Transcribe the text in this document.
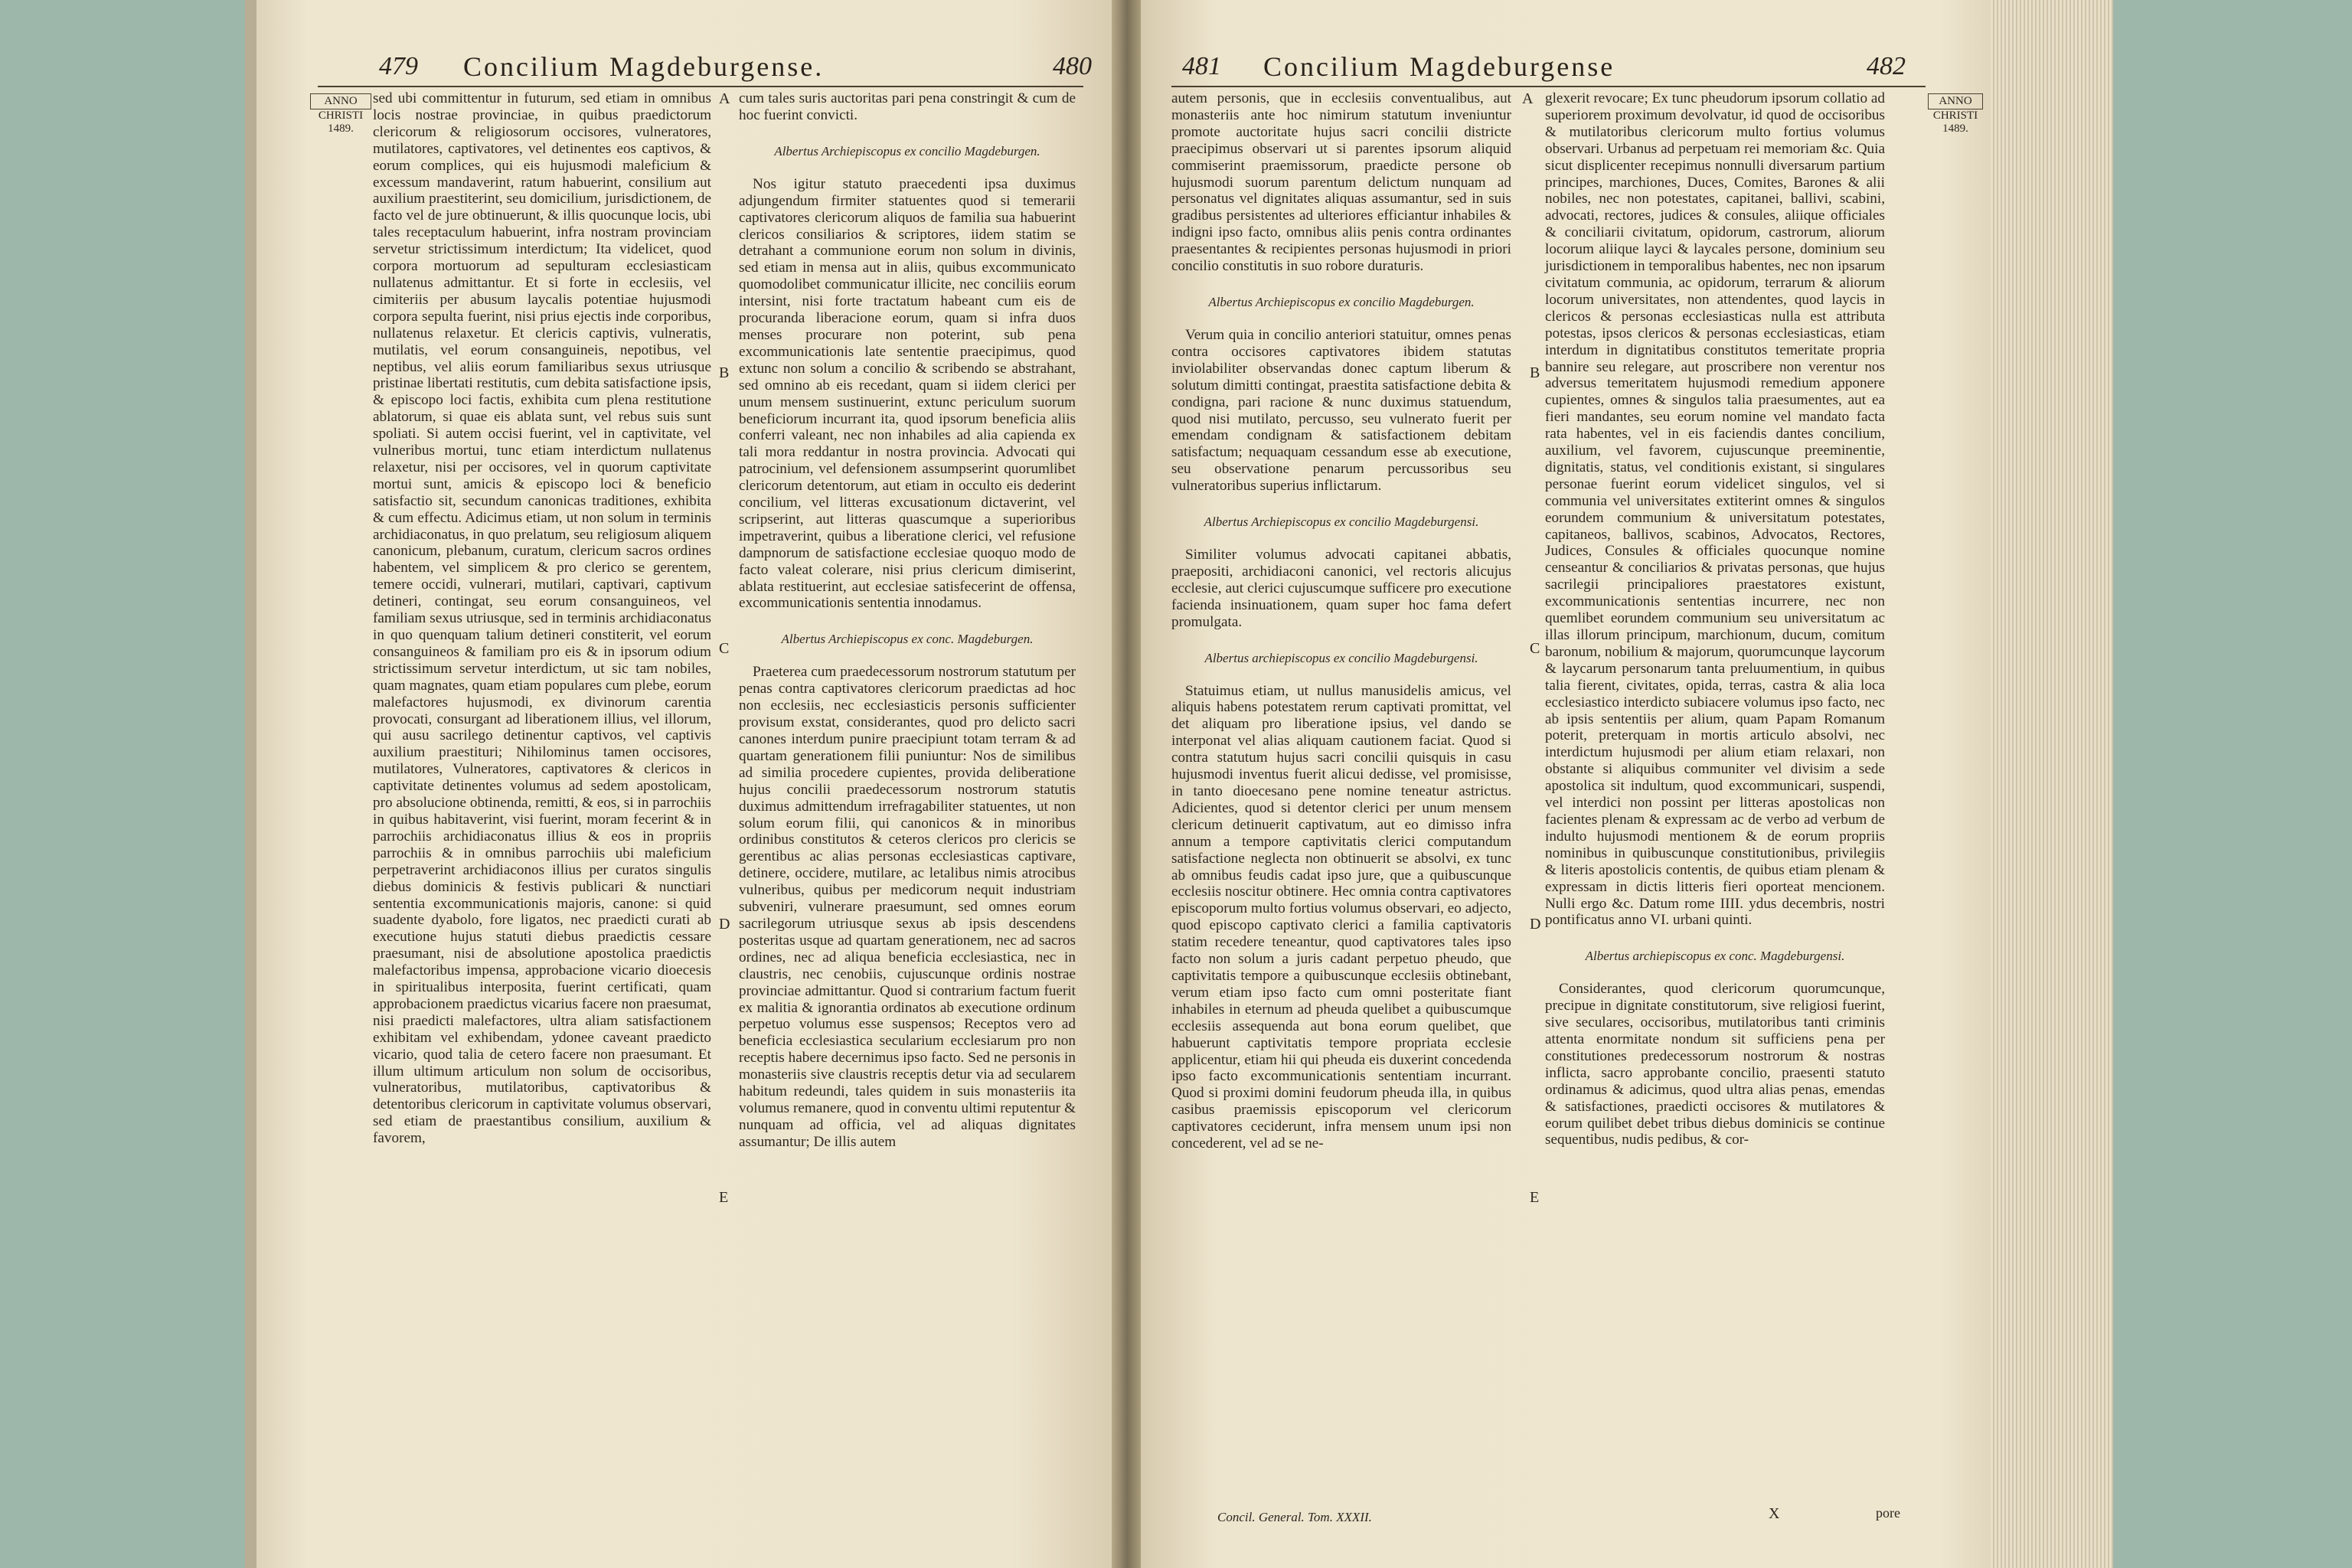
479 Concilium Magdeburgense.	480
ANNO
CHRISTI
1489.

sed ubi committentur in futurum, sed etiam in omnibus locis nostrae provinciae, in quibus praedictorum clericorum & religiosorum occisores, vulneratores, mutilatores, captivatores, vel detinentes eos captivos, & eorum complices, qui eis hujusmodi maleficium & excessum mandaverint, ratum habuerint, consilium aut auxilium praestiterint, seu domicilium, jurisdictionem, de facto vel de jure obtinuerunt, & illis quocunque locis, ubi tales receptaculum habuerint, infra nostram provinciam servetur strictissimum interdictum; Ita videlicet, quod corpora mortuorum ad sepulturam ecclesiasticam nullatenus admittantur. Et si forte in ecclesiis, vel cimiteriis per abusum laycalis potentiae hujusmodi corpora sepulta fuerint, nisi prius ejectis inde corporibus, nullatenus relaxetur. Et clericis captivis, vulneratis, mutilatis, vel eorum consanguineis, nepotibus, vel neptibus, vel aliis eorum familiaribus sexus utriusque pristinae libertati restitutis, cum debita satisfactione ipsis, & episcopo loci factis, exhibita cum plena restitutione ablatorum, si quae eis ablata sunt, vel rebus suis sunt spoliati. Si autem occisi fuerint, vel in captivitate, vel vulneribus mortui, tunc etiam interdictum nullatenus relaxetur, nisi per occisores, vel in quorum captivitate mortui sunt, amicis & episcopo loci & beneficio satisfactio sit, secundum canonicas traditiones, exhibita & cum effectu. Adicimus etiam, ut non solum in terminis archidiaconatus, in quo prelatum, seu religiosum aliquem canonicum, plebanum, curatum, clericum sacros ordines habentem, vel simplicem & pro clerico se gerentem, temere occidi, vulnerari, mutilari, captivari, captivum detineri, contingat, seu eorum consanguineos, vel familiam sexus utriusque, sed in terminis archidiaconatus in quo quenquam talium detineri constiterit, vel eorum consanguineos & familiam pro eis & in ipsorum odium strictissimum servetur interdictum, ut sic tam nobiles, quam magnates, quam etiam populares cum plebe, eorum malefactores hujusmodi, ex divinorum carentia provocati, consurgant ad liberationem illius, vel illorum, qui ausu sacrilego detinentur captivos, vel captivis auxilium praestituri; Nihilominus tamen occisores, mutilatores, Vulneratores, captivatores & clericos in captivitate detinentes volumus ad sedem apostolicam, pro absolucione obtinenda, remitti, & eos, si in parrochiis in quibus habitaverint, visi fuerint, moram fecerint & in parrochiis archidiaconatus illius & eos in propriis parrochiis & in omnibus parrochiis ubi maleficium perpetraverint archidiaconos illius per curatos singulis diebus dominicis & festivis publicari & nunctiari sententia excommunicationis majoris, canone: si quid suadente dyabolo, fore ligatos, nec praedicti curati ab executione hujus statuti diebus praedictis cessare praesumant, nisi de absolutione apostolica praedictis malefactoribus impensa, approbacione vicario dioecesis in spiritualibus interposita, fuerint certificati, quam approbacionem praedictus vicarius facere non praesumat, nisi praedicti malefactores, ultra aliam satisfactionem exhibitam vel exhibendam, ydonee caveant praedicto vicario, quod talia de cetero facere non praesumant. Et illum ultimum articulum non solum de occisoribus, vulneratoribus, mutilatoribus, captivatoribus & detentoribus clericorum in captivitate volumus observari, sed etiam de praestantibus consilium, auxilium & favorem,

A
B
C
D
E

cum tales suris auctoritas pari pena constringit & cum de hoc fuerint convicti.

Albertus Archiepiscopus ex concilio Magdeburgen.

Nos igitur statuto praecedenti ipsa duximus adjungendum firmiter statuentes quod si temerarii captivatores clericorum aliquos de familia sua habuerint clericos consiliarios & scriptores, iidem statim se detrahant a communione eorum non solum in divinis, sed etiam in mensa aut in aliis, quibus excommunicato quomodolibet communicatur illicite, nec conciliis eorum intersint, nisi forte tractatum habeant cum eis de procuranda liberacione eorum, quam si infra duos menses procurare non poterint, sub pena excommunicationis late sententie praecipimus, quod extunc non solum a concilio & scribendo se abstrahant, sed omnino ab eis recedant, quam si iidem clerici per unum mensem sustinuerint, extunc periculum suorum beneficiorum incurrant ita, quod ipsorum beneficia aliis conferri valeant, nec non inhabiles ad alia capienda ex tali mora reddantur in nostra provincia. Advocati qui patrocinium, vel defensionem assumpserint quorumlibet clericorum detentorum, aut etiam in occulto eis dederint concilium, vel litteras excusationum dictaverint, vel scripserint, aut litteras quascumque a superioribus impetraverint, quibus a liberatione clerici, vel refusione dampnorum de satisfactione ecclesiae quoquo modo de facto valeat colerare, nisi prius clericum dimiserint, ablata restituerint, aut ecclesiae satisfecerint de offensa, excommunicationis sententia innodamus.

Albertus Archiepiscopus ex conc. Magdeburgen.

Praeterea cum praedecessorum nostrorum statutum per penas contra captivatores clericorum praedictas ad hoc non ecclesiis, nec ecclesiasticis personis sufficienter provisum exstat, considerantes, quod pro delicto sacri canones interdum punire praecipiunt totam terram & ad quartam generationem filii puniuntur: Nos de similibus ad similia procedere cupientes, provida deliberatione hujus concilii praedecessorum nostrorum statutis duximus admittendum irrefragabiliter statuentes, ut non solum eorum filii, qui canonicos & in minoribus ordinibus constitutos & ceteros clericos pro clericis se gerentibus ac alias personas ecclesiasticas captivare, detinere, occidere, mutilare, ac letalibus nimis atrocibus vulneribus, quibus per medicorum nequit industriam subveniri, vulnerare praesumunt, sed omnes eorum sacrilegorum utriusque sexus ab ipsis descendens posteritas usque ad quartam generationem, nec ad sacros ordines, nec ad aliqua beneficia ecclesiastica, nec in claustris, nec cenobiis, cujuscunque ordinis nostrae provinciae admittantur. Quod si contrarium factum fuerit ex malitia & ignorantia ordinatos ab executione ordinum perpetuo volumus esse suspensos; Receptos vero ad beneficia ecclesiastica secularium ecclesiarum pro non receptis habere decernimus ipso facto. Sed ne personis in monasteriis sive claustris receptis detur via ad secularem habitum redeundi, tales quidem in suis monasteriis ita volumus remanere, quod in conventu ultimi reputentur & nunquam ad officia, vel ad aliquas dignitates assumantur; De illis autem

481 Concilium Magdeburgense	482
ANNO
CHRISTI
1489.

autem personis, que in ecclesiis conventualibus, aut monasteriis ante hoc nimirum statutum inveniuntur promote auctoritate hujus sacri concilii districte praecipimus observari ut si parentes ipsorum aliquid commiserint praemissorum, praedicte persone ob hujusmodi suorum parentum delictum nunquam ad personatus vel dignitates aliquas assumantur, sed in suis gradibus persistentes ad ulteriores efficiantur inhabiles & indigni ipso facto, omnibus aliis penis contra ordinantes praesentantes & recipientes personas hujusmodi in priori concilio constitutis in suo robore duraturis.

Albertus Archiepiscopus ex concilio Magdeburgen.

Verum quia in concilio anteriori statuitur, omnes penas contra occisores captivatores ibidem statutas inviolabiliter observandas donec captum liberum & solutum dimitti contingat, praestita satisfactione debita & condigna, pari racione & nunc duximus statuendum, quod nisi mutilato, percusso, seu vulnerato fuerit per emendam condignam & satisfactionem debitam satisfactum; nequaquam cessandum esse ab executione, seu observatione penarum percussoribus seu vulneratoribus superius inflictarum.

Albertus Archiepiscopus ex concilio Magdeburgensi.

Similiter volumus advocati capitanei abbatis, praepositi, archidiaconi canonici, vel rectoris alicujus ecclesie, aut clerici cujuscumque sufficere pro executione facienda insinuationem, quam super hoc fama defert promulgata.

Albertus archiepiscopus ex concilio Magdeburgensi.

Statuimus etiam, ut nullus manusidelis amicus, vel aliquis habens potestatem rerum captivati promittat, vel det aliquam pro liberatione ipsius, vel dando se interponat vel alias aliquam cautionem faciat. Quod si contra statutum hujus sacri concilii quisquis in casu hujusmodi inventus fuerit alicui dedisse, vel promisisse, in tanto dioecesano pene nomine teneatur astrictus. Adicientes, quod si detentor clerici per unum mensem clericum detinuerit captivatum, aut eo dimisso infra annum a tempore captivitatis clerici computandum satisfactione neglecta non obtinuerit se absolvi, ex tunc ab omnibus feudis cadat ipso jure, que a quibuscunque ecclesiis noscitur obtinere. Hec omnia contra captivatores episcoporum multo fortius volumus observari, eo adjecto, quod episcopo captivato clerici a familia captivatoris statim recedere teneantur, quod captivatores tales ipso facto non solum a juris cadant perpetuo pheudo, que captivitatis tempore a quibuscunque ecclesiis obtinebant, verum etiam ipso facto cum omni posteritate fiant inhabiles in eternum ad pheuda quelibet a quibuscumque ecclesiis assequenda aut bona eorum quelibet, que habuerunt captivitatis tempore propriata ecclesie applicentur, etiam hii qui pheuda eis duxerint concedenda ipso facto excommunicationis sententiam incurrant. Quod si proximi domini feudorum pheuda illa, in quibus casibus praemissis episcoporum vel clericorum captivatores ceciderunt, infra mensem unum ipsi non concederent, vel ad se ne-

A
B
C
D
E

glexerit revocare; Ex tunc pheudorum ipsorum collatio ad superiorem proximum devolvatur, id quod de occisoribus & mutilatoribus clericorum multo fortius volumus observari. Urbanus ad perpetuam rei memoriam &c. Quia sicut displicenter recepimus nonnulli diversarum partium principes, marchiones, Duces, Comites, Barones & alii nobiles, nec non potestates, capitanei, ballivi, scabini, advocati, rectores, judices & consules, aliique officiales & conciliarii civitatum, opidorum, castrorum, aliorum locorum aliique layci & laycales persone, dominium seu jurisdictionem in temporalibus habentes, nec non ipsarum civitatum communia, ac opidorum, terrarum & aliorum locorum universitates, non attendentes, quod laycis in clericos & personas ecclesiasticas nulla est attributa potestas, ipsos clericos & personas ecclesiasticas, etiam interdum in dignitatibus constitutos temeritate propria bannire seu relegare, aut proscribere non verentur nos adversus temeritatem hujusmodi remedium apponere cupientes, omnes & singulos talia praesumentes, aut ea fieri mandantes, seu eorum nomine vel mandato facta rata habentes, vel in eis faciendis dantes concilium, auxilium, vel favorem, cujuscunque preeminentie, dignitatis, status, vel conditionis existant, si singulares personae fuerint eorum videlicet singulos, vel si communia vel universitates extiterint omnes & singulos eorundem communium & universitatum potestates, capitaneos, ballivos, scabinos, Advocatos, Rectores, Judices, Consules & officiales quocunque nomine censeantur & conciliarios & privatas personas, que hujus sacrilegii principaliores praestatores existunt, excommunicationis sententias incurrere, nec non quemlibet eorundem communium seu universitatum ac illas illorum principum, marchionum, ducum, comitum baronum, nobilium & majorum, quorumcunque laycorum & laycarum personarum tanta preluumentium, in quibus talia fierent, civitates, opida, terras, castra & alia loca ecclesiastico interdicto subiacere volumus ipso facto, nec ab ipsis sententiis per alium, quam Papam Romanum poterit, preterquam in mortis articulo absolvi, nec interdictum hujusmodi per alium etiam relaxari, non obstante si aliquibus communiter vel divisim a sede apostolica sit indultum, quod excommunicari, suspendi, vel interdici non possint per litteras apostolicas non facientes plenam & expressam ac de verbo ad verbum de indulto hujusmodi mentionem & de eorum propriis nominibus in quibuscunque constitutionibus, privilegiis & literis apostolicis contentis, de quibus etiam plenam & expressam in dictis litteris fieri oporteat mencionem. Nulli ergo &c. Datum rome IIII. ydus decembris, nostri pontificatus anno VI. urbani quinti.

Albertus archiepiscopus ex conc. Magdeburgensi.

Considerantes, quod clericorum quorumcunque, precipue in dignitate constitutorum, sive religiosi fuerint, sive seculares, occisoribus, mutilatoribus tanti criminis attenta enormitate nondum sit sufficiens pena per constitutiones predecessorum nostrorum & nostras inflicta, sacro approbante concilio, praesenti statuto ordinamus & adicimus, quod ultra alias penas, emendas & satisfactiones, praedicti occisores & mutilatores & eorum quilibet debet tribus diebus dominicis se continue sequentibus, nudis pedibus, & cor-

Concil. General. Tom. XXXII.	X	pore
